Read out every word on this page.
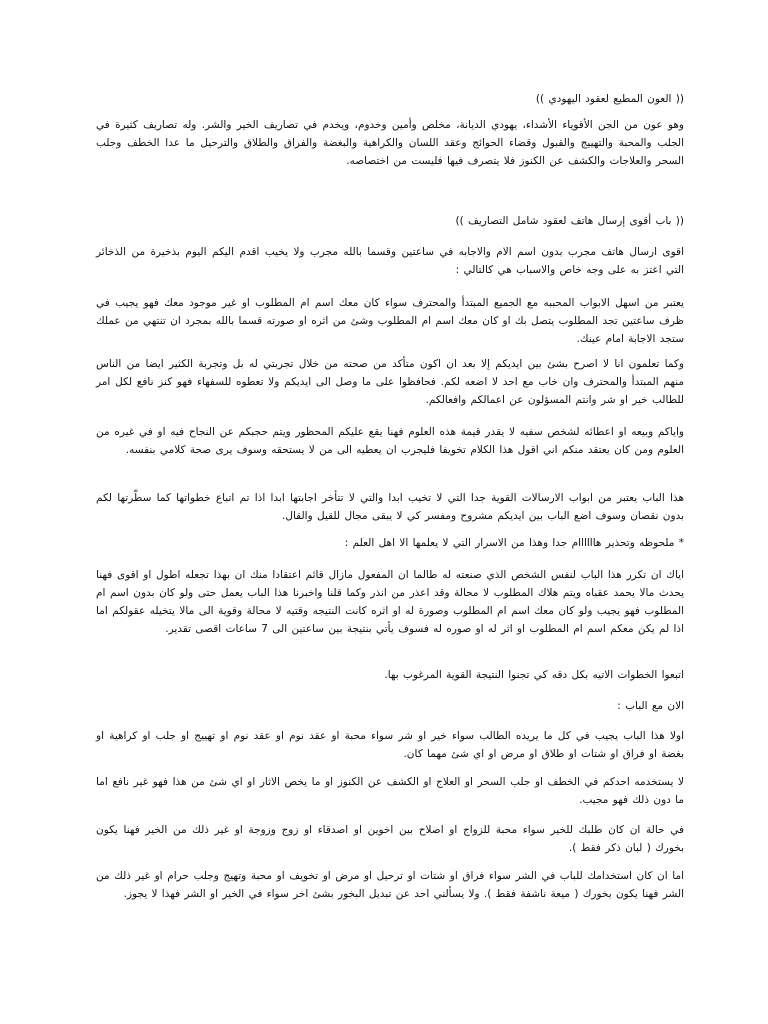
(( العون المطيع لعقود اليهودي ))

وهو عون من الجن الأقوياء الأشداء، يهودي الديانة، مخلص وأمين وخدوم، ويخدم في تصاريف الخير والشر. وله تصاريف كثيرة في الجلب والمحبة والتهييج والقبول وقضاء الحوائج وعقد اللسان والكراهية والبغضة والفراق والطلاق والترحيل ما عدا الخطف وجلب السحر والعلاجات والكشف عن الكنوز فلا يتصرف فيها فليست من اختصاصه.

(( باب أقوى إرسال هاتف لعقود شامل التصاريف ))

اقوى ارسال هاتف مجرب بدون اسم الام والاجابه في ساعتين وقسما بالله مجرب ولا يخيب اقدم اليكم اليوم بذخيرة من الذخائر التي اعتز به على وجه خاص والاسباب هي كالتالي :

يعتبر من اسهل الابواب المحببه مع الجميع المبتدأ والمحترف سواء كان معك اسم ام المطلوب او غير موجود معك فهو يجيب في ظرف ساعتين تجد المطلوب يتصل بك او كان معك اسم ام المطلوب وشئ من اثره او صورته قسما بالله بمجرد ان تنتهي من عملك ستجد الاجابة امام عينك.

وكما تعلمون انا لا اصرح بشئ بين ايديكم إلا بعد ان اكون متأكد من صحته من خلال تجربتي له بل وتجربة الكثير ايضا من الناس منهم المبتدأ والمحترف وان خاب مع احد لا اضعه لكم. فحافظوا على ما وصل الى ايديكم ولا تعطوه للسفهاء فهو كنز نافع لكل امر للطالب خير او شر وانتم المسؤلون عن اعمالكم وافعالكم.

واياكم وبيعه او اعطائه لشخص سفيه لا يقدر قيمة هذه العلوم فهنا يقع عليكم المحظور ويتم حجبكم عن النجاح فيه او في غيره من العلوم ومن كان يعتقد منكم اني اقول هذا الكلام تخويفا فليجرب ان يعطيه الى من لا يستحقه وسوف يرى صحة كلامي بنفسه.

هذا الباب يعتبر من ابواب الارسالات القوية جدا التي لا تخيب ابدا والتي لا تتأخر اجابتها ابدا اذا تم اتباع خطواتها كما سطّرتها لكم بدون نقصان وسوف اضع الباب بين ايديكم مشروح ومفسر كي لا يبقى مجال للقيل والقال.

* ملحوظه وتحذير هاااااام جدا وهذا من الاسرار التي لا يعلمها الا اهل العلم :

اياك ان تكرر هذا الباب لنفس الشخص الذي صنعته له طالما ان المفعول مازال قائم اعتقادا منك ان بهذا تجعله اطول او اقوى فهنا يحدث مالا يحمد عقباه ويتم هلاك المطلوب لا محالة وقد اعذر من انذر وكما قلنا واخبرنا هذا الباب يعمل حتى ولو كان بدون اسم ام المطلوب فهو يجيب ولو كان معك اسم ام المطلوب وصورة له او اثره كانت النتيجه وقتيه لا محالة وقوية الى مالا يتخيله عقولكم اما اذا لم يكن معكم اسم ام المطلوب او اثر له او صوره له فسوف يأتي بنتيجة بين ساعتين الى 7 ساعات اقصى تقدير.

اتبعوا الخطوات الاتيه بكل دقه كي تجنوا النتيجة القوية المرغوب بها.

الان مع الباب :

اولا هذا الباب يجيب في كل ما يريده الطالب سواء خير او شر سواء محبة او عقد نوم او عقد نوم او تهييج او جلب او كراهية او بغضة او فراق او شتات او طلاق او مرض او اي شئ مهما كان.

لا يستخدمه احدكم في الخطف او جلب السحر او العلاج او الكشف عن الكنوز او ما يخص الاثار او اي شئ من هذا فهو غير نافع اما ما دون ذلك فهو مجيب.

في حالة ان كان طلبك للخير سواء محبة للزواج او اصلاح بين اخوين او اصدقاء او زوج وزوجة او غير ذلك من الخير فهنا يكون بخورك ( لبان ذكر فقط ).

اما ان كان استخدامك للباب في الشر سواء فراق او شتات او ترحيل او مرض او تخويف او محبة وتهيج وجلب حرام او غير ذلك من الشر فهنا يكون بخورك ( ميعة ناشفة فقط ). ولا يسألني احد عن تبديل البخور بشئ اخر سواء في الخير او الشر فهذا لا يجوز.
